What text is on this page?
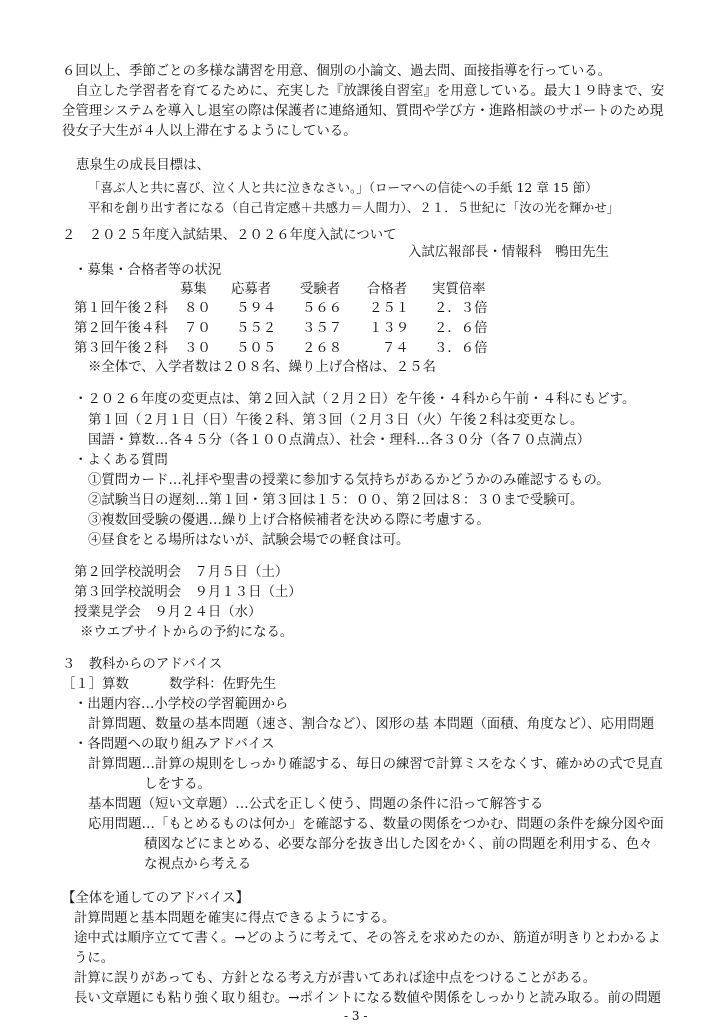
６回以上、季節ごとの多様な講習を用意、個別の小論文、過去問、面接指導を行っている。
　自立した学習者を育てるために、充実した『放課後自習室』を用意している。最大１９時まで、安
全管理システムを導入し退室の際は保護者に連絡通知、質問や学び方・進路相談のサポートのため現
役女子大生が４人以上滞在するようにしている。
恵泉生の成長目標は、
「喜ぶ人と共に喜び、泣く人と共に泣きなさい。」（ローマへの信徒への手紙 12 章 15 節）
平和を創り出す者になる（自己肯定感＋共感力＝人間力）、２１．５世紀に「汝の光を輝かせ」
２　２０２５年度入試結果、２０２６年度入試について
入試広報部長・情報科　鴨田先生
・募集・合格者等の状況
募集 応募者 受験者 合格者 実質倍率
第１回午後２科 ８０ ５９４ ５６６ ２５１ ２．３倍
第２回午後４科 ７０ ５５２ ３５７ １３９ ２．６倍
第３回午後２科 ３０ ５０５ ２６８	７４ ３．６倍
※全体で、入学者数は２０８名、繰り上げ合格は、２５名
・２０２６年度の変更点は、第２回入試（２月２日）を午後・４科から午前・４科にもどす。
第１回（２月１日（日）午後２科、第３回（２月３日（火）午後２科は変更なし。
国語・算数…各４５分（各１００点満点）、社会・理科…各３０分（各７０点満点）
・よくある質問
①質問カード…礼拝や聖書の授業に参加する気持ちがあるかどうかのみ確認するもの。
②試験当日の遅刻…第１回・第３回は１５：００、第２回は８：３０まで受験可。
③複数回受験の優遇…繰り上げ合格候補者を決める際に考慮する。
④昼食をとる場所はないが、試験会場での軽食は可。
第２回学校説明会　７月５日（土）
第３回学校説明会　９月１３日（土）
授業見学会　９月２４日（水）
※ウエブサイトからの予約になる。
３　教科からのアドバイス
［１］算数　　　数学科：佐野先生
・出題内容…小学校の学習範囲から
計算問題、数量の基本問題（速さ、割合など）、図形の基 本問題（面積、角度など）、応用問題
・各問題への取り組みアドバイス
計算問題…計算の規則をしっかり確認する、毎日の練習で計算ミスをなくす、確かめの式で見直
しをする。
基本問題（短い文章題）…公式を正しく使う、問題の条件に沿って解答する
応用問題…「もとめるものは何か」を確認する、数量の関係をつかむ、問題の条件を線分図や面
積図などにまとめる、必要な部分を抜き出した図をかく、前の問題を利用する、色々
な視点から考える
【全体を通してのアドバイス】
計算問題と基本問題を確実に得点できるようにする。
途中式は順序立てて書く。→どのように考えて、その答えを求めたのか、筋道が明きりとわかるよ
うに。
計算に誤りがあっても、方針となる考え方が書いてあれば途中点をつけることがある。
長い文章題にも粘り強く取り組む。→ポイントになる数値や関係をしっかりと読み取る。前の問題
- 3 -
